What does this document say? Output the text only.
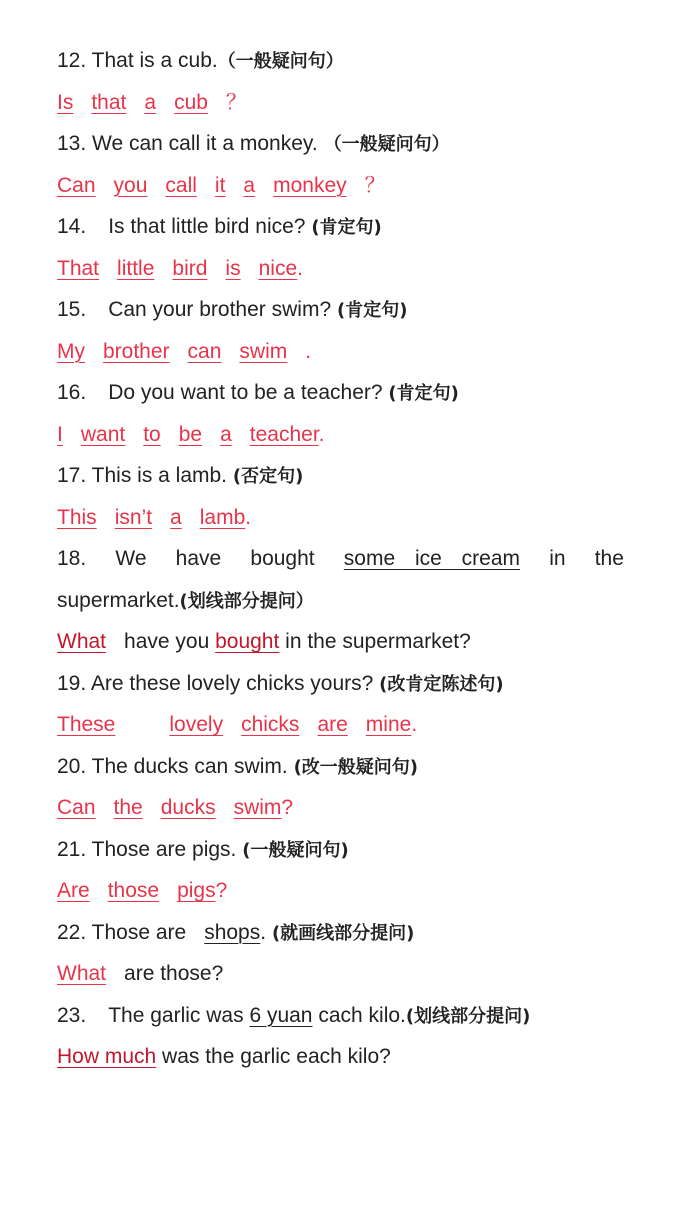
12. That is a cub.（一般疑问句）
Is that a cub ？
13. We can call it a monkey. （一般疑问句）
Can you call it a monkey ？
14. Is that little bird nice? (肯定句)
That little bird is nice.
15. Can your brother swim? (肯定句)
My brother can swim .
16. Do you want to be a teacher? (肯定句)
I want to be a teacher.
17. This is a lamb. (否定句)
This isn’t a lamb.
18. We have bought some ice cream in the
supermarket.(划线部分提问）
What have you bought in the supermarket?
19. Are these lovely chicks yours? (改肯定陈述句)
These	lovely chicks are mine.
20. The ducks can swim. (改一般疑问句)
Can the ducks swim?
21. Those are pigs. (一般疑问句)
Are those pigs?
22. Those are shops. (就画线部分提问)
What are those?
23. The garlic was 6 yuan cach kilo.(划线部分提问)
How much was the garlic each kilo?
